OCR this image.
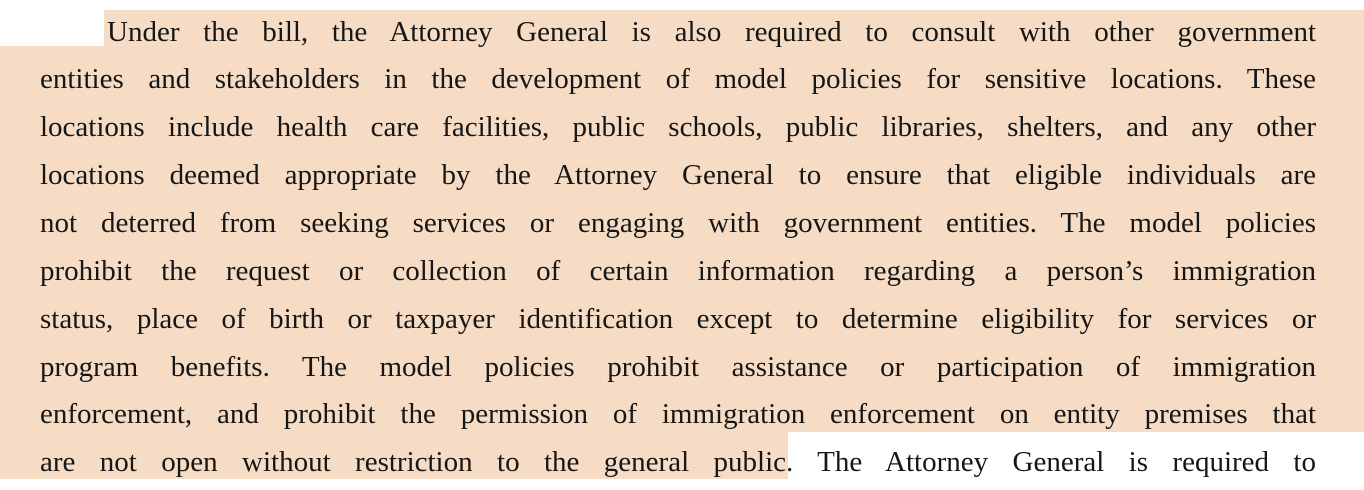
Under the bill, the Attorney General is also required to consult with other government
entities and stakeholders in the development of model policies for sensitive locations. These
locations include health care facilities, public schools, public libraries, shelters, and any other
locations deemed appropriate by the Attorney General to ensure that eligible individuals are
not deterred from seeking services or engaging with government entities. The model policies
prohibit the request or collection of certain information regarding a person’s immigration
status, place of birth or taxpayer identification except to determine eligibility for services or
program benefits. The model policies prohibit assistance or participation of immigration
enforcement, and prohibit the permission of immigration enforcement on entity premises that
are not open without restriction to the general public. The Attorney General is required to
